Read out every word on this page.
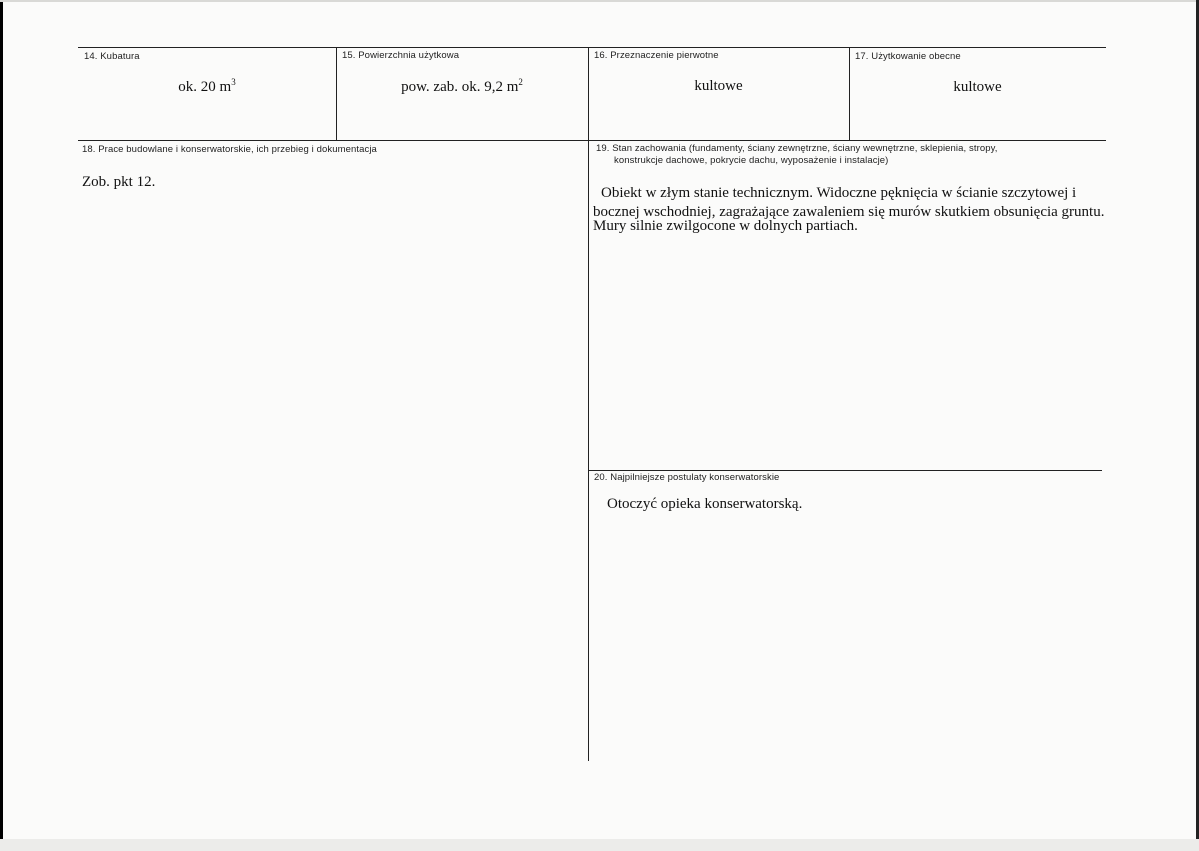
14. Kubatura
ok. 20 $m^3$
15. Powierzchnia użytkowa
pow. zab. ok. 9,2 $m^2$
16. Przeznaczenie pierwotne
kultowe
17. Użytkowanie obecne
kultowe
18. Prace budowlane i konserwatorskie, ich przebieg i dokumentacja
Zob. pkt 12.
19. Stan zachowania (fundamenty, ściany zewnętrzne, ściany wewnętrzne, sklepienia, stropy,
konstrukcje dachowe, pokrycie dachu, wyposażenie i instalacje)
Obiekt w złym stanie technicznym. Widoczne pęknięcia w ścianie szczytowej i
bocznej wschodniej, zagrażające zawaleniem się murów skutkiem obsunięcia gruntu.
Mury silnie zwilgocone w dolnych partiach.
20. Najpilniejsze postulaty konserwatorskie
Otoczyć opieka konserwatorską.
